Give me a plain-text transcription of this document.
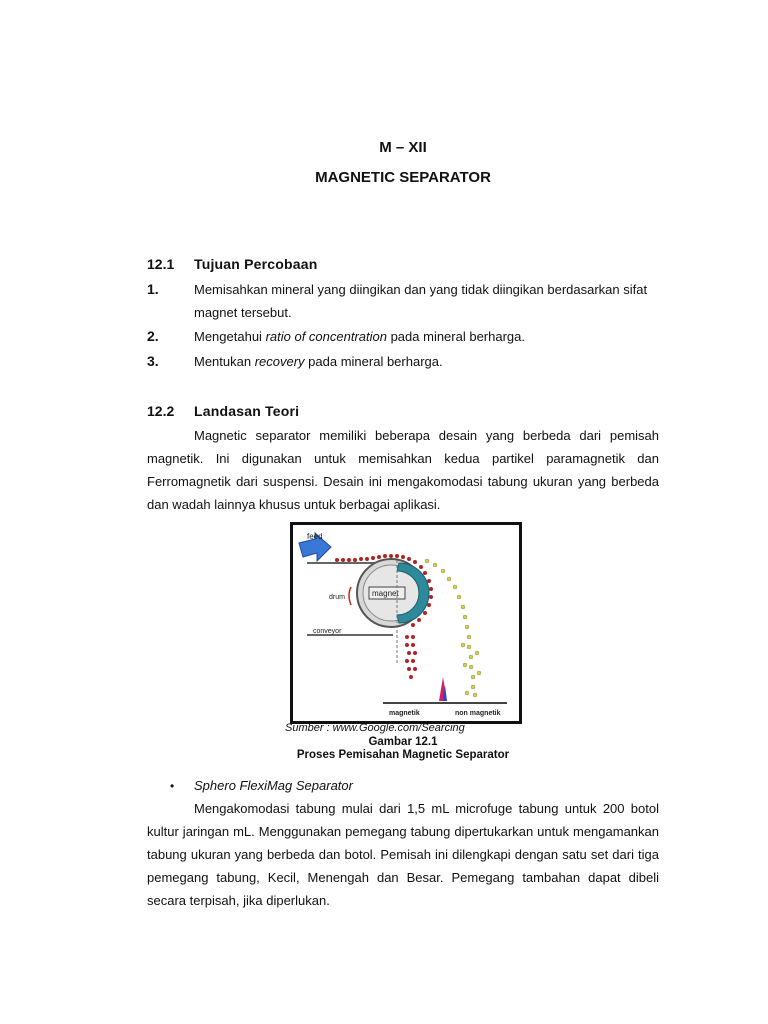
M – XII
MAGNETIC SEPARATOR
12.1 Tujuan Percobaan
1.	Memisahkan mineral yang diingikan dan yang tidak diingikan berdasarkan sifat magnet tersebut.
2.	Mengetahui ratio of concentration pada mineral berharga.
3.	Mentukan recovery pada mineral berharga.
12.2 Landasan Teori
Magnetic separator memiliki beberapa desain yang berbeda dari pemisah magnetik. Ini digunakan untuk memisahkan kedua partikel paramagnetik dan Ferromagnetik dari suspensi. Desain ini mengakomodasi tabung ukuran yang berbeda dan wadah lainnya khusus untuk berbagai aplikasi.
feed
magnet
drum
conveyor
magnetik	non magnetik
Sumber : www.Google.com/Searcing
Gambar 12.1
Proses Pemisahan Magnetic Separator
• Sphero FlexiMag Separator
Mengakomodasi tabung mulai dari 1,5 mL microfuge tabung untuk 200 botol kultur jaringan mL. Menggunakan pemegang tabung dipertukarkan untuk mengamankan tabung ukuran yang berbeda dan botol. Pemisah ini dilengkapi dengan satu set dari tiga pemegang tabung, Kecil, Menengah dan Besar. Pemegang tambahan dapat dibeli secara terpisah, jika diperlukan.
